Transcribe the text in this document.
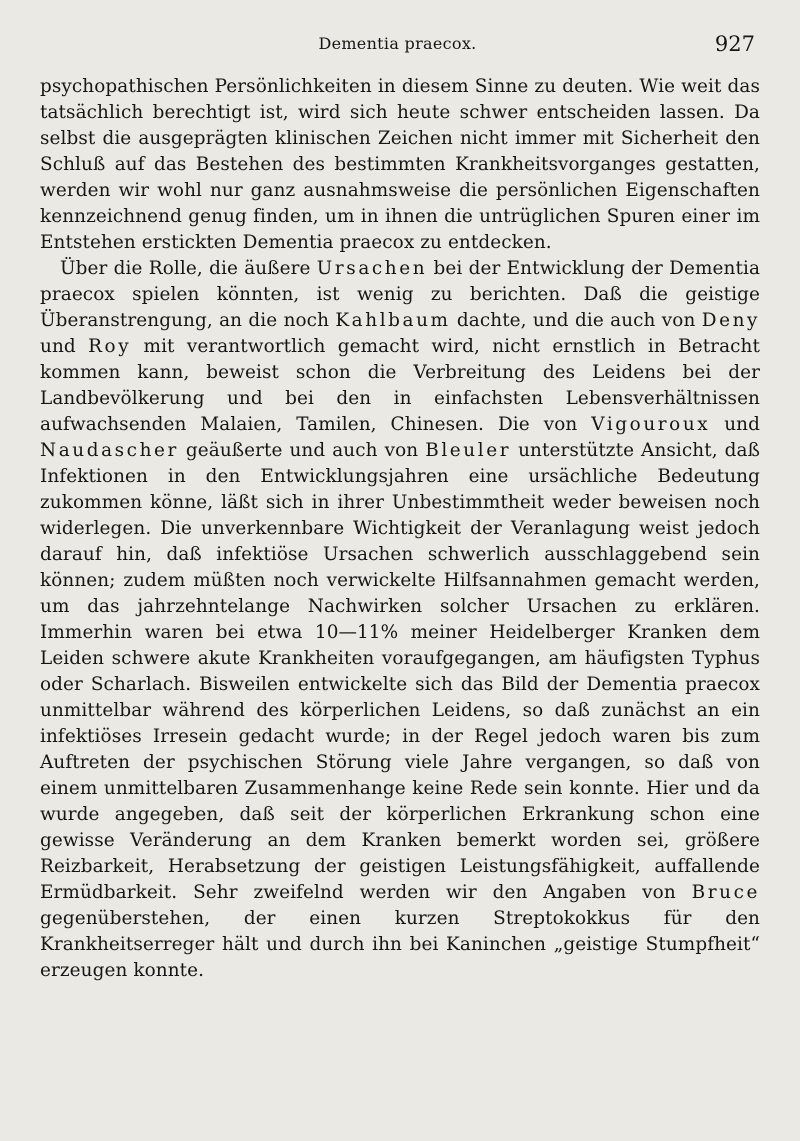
Dementia praecox.	927

psychopathischen Persönlichkeiten in diesem Sinne zu deuten. Wie weit das tatsächlich berechtigt ist, wird sich heute schwer entscheiden lassen. Da selbst die ausgeprägten klinischen Zeichen nicht immer mit Sicherheit den Schluß auf das Bestehen des bestimmten Krankheitsvorganges gestatten, werden wir wohl nur ganz ausnahmsweise die persönlichen Eigenschaften kennzeichnend genug finden, um in ihnen die untrüglichen Spuren einer im Entstehen erstickten Dementia praecox zu entdecken.

Über die Rolle, die äußere Ursachen bei der Entwicklung der Dementia praecox spielen könnten, ist wenig zu berichten. Daß die geistige Überanstrengung, an die noch Kahlbaum dachte, und die auch von Deny und Roy mit verantwortlich gemacht wird, nicht ernstlich in Betracht kommen kann, beweist schon die Verbreitung des Leidens bei der Landbevölkerung und bei den in einfachsten Lebensverhältnissen aufwachsenden Malaien, Tamilen, Chinesen. Die von Vigouroux und Naudascher geäußerte und auch von Bleuler unterstützte Ansicht, daß Infektionen in den Entwicklungsjahren eine ursächliche Bedeutung zukommen könne, läßt sich in ihrer Unbestimmtheit weder beweisen noch widerlegen. Die unverkennbare Wichtigkeit der Veranlagung weist jedoch darauf hin, daß infektiöse Ursachen schwerlich ausschlaggebend sein können; zudem müßten noch verwickelte Hilfsannahmen gemacht werden, um das jahrzehntelange Nachwirken solcher Ursachen zu erklären. Immerhin waren bei etwa 10—11% meiner Heidelberger Kranken dem Leiden schwere akute Krankheiten voraufgegangen, am häufigsten Typhus oder Scharlach. Bisweilen entwickelte sich das Bild der Dementia praecox unmittelbar während des körperlichen Leidens, so daß zunächst an ein infektiöses Irresein gedacht wurde; in der Regel jedoch waren bis zum Auftreten der psychischen Störung viele Jahre vergangen, so daß von einem unmittelbaren Zusammenhange keine Rede sein konnte. Hier und da wurde angegeben, daß seit der körperlichen Erkrankung schon eine gewisse Veränderung an dem Kranken bemerkt worden sei, größere Reizbarkeit, Herabsetzung der geistigen Leistungsfähigkeit, auffallende Ermüdbarkeit. Sehr zweifelnd werden wir den Angaben von Bruce gegenüberstehen, der einen kurzen Streptokokkus für den Krankheitserreger hält und durch ihn bei Kaninchen „geistige Stumpfheit“ erzeugen konnte.
